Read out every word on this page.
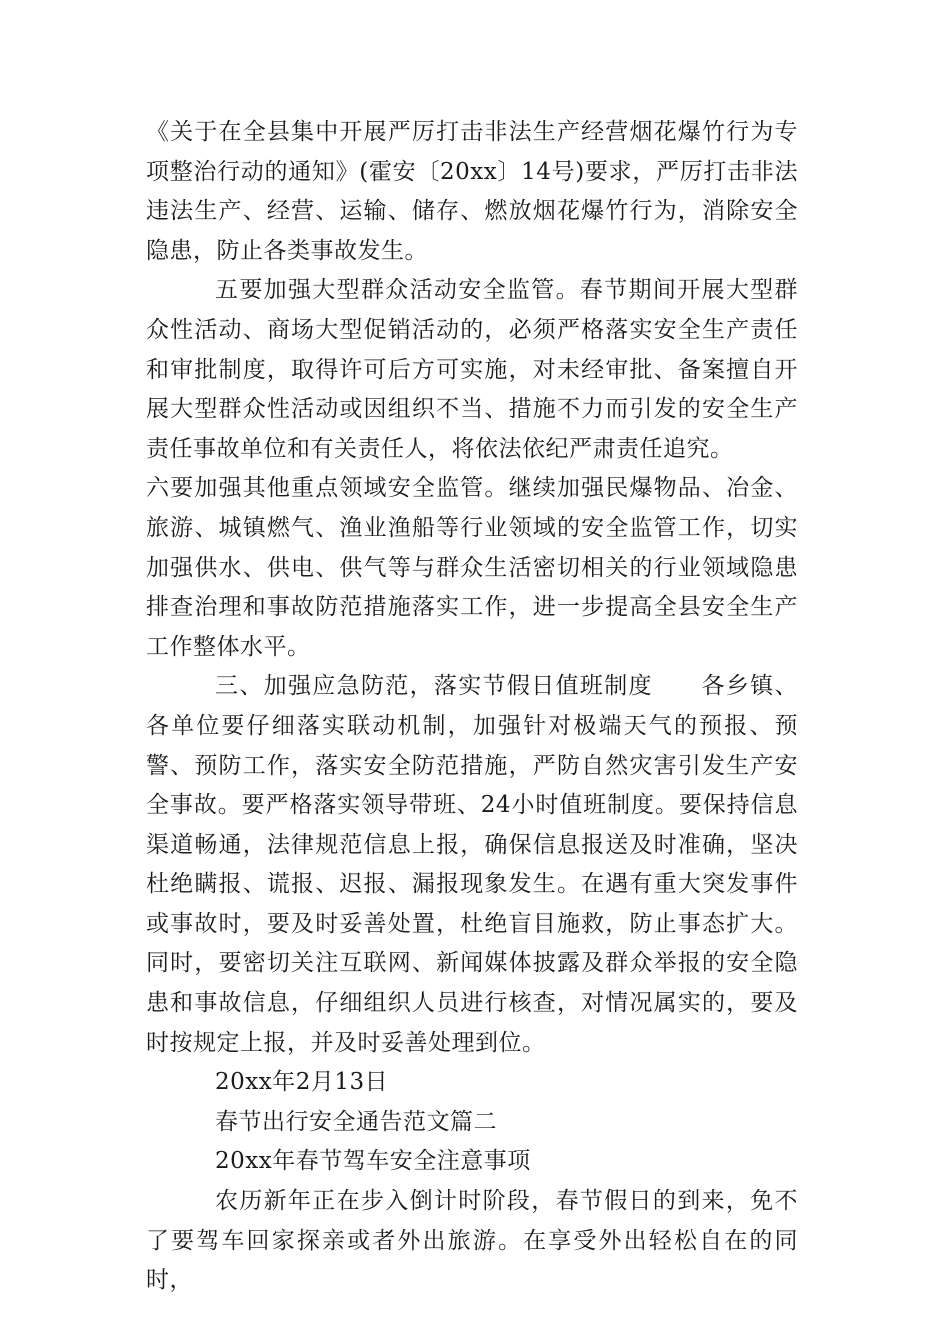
《关于在全县集中开展严厉打击非法生产经营烟花爆竹行为专项整治行动的通知》(霍安〔20xx〕14号)要求，严厉打击非法违法生产、经营、运输、储存、燃放烟花爆竹行为，消除安全隐患，防止各类事故发生。

五要加强大型群众活动安全监管。春节期间开展大型群众性活动、商场大型促销活动的，必须严格落实安全生产责任和审批制度，取得许可后方可实施，对未经审批、备案擅自开展大型群众性活动或因组织不当、措施不力而引发的安全生产责任事故单位和有关责任人，将依法依纪严肃责任追究。

六要加强其他重点领域安全监管。继续加强民爆物品、冶金、旅游、城镇燃气、渔业渔船等行业领域的安全监管工作，切实加强供水、供电、供气等与群众生活密切相关的行业领域隐患排查治理和事故防范措施落实工作，进一步提高全县安全生产工作整体水平。

三、加强应急防范，落实节假日值班制度　　各乡镇、各单位要仔细落实联动机制，加强针对极端天气的预报、预警、预防工作，落实安全防范措施，严防自然灾害引发生产安全事故。要严格落实领导带班、24小时值班制度。要保持信息渠道畅通，法律规范信息上报，确保信息报送及时准确，坚决杜绝瞒报、谎报、迟报、漏报现象发生。在遇有重大突发事件或事故时，要及时妥善处置，杜绝盲目施救，防止事态扩大。同时，要密切关注互联网、新闻媒体披露及群众举报的安全隐患和事故信息，仔细组织人员进行核查，对情况属实的，要及时按规定上报，并及时妥善处理到位。

20xx年2月13日

春节出行安全通告范文篇二

20xx年春节驾车安全注意事项

农历新年正在步入倒计时阶段，春节假日的到来，免不了要驾车回家探亲或者外出旅游。在享受外出轻松自在的同时，
